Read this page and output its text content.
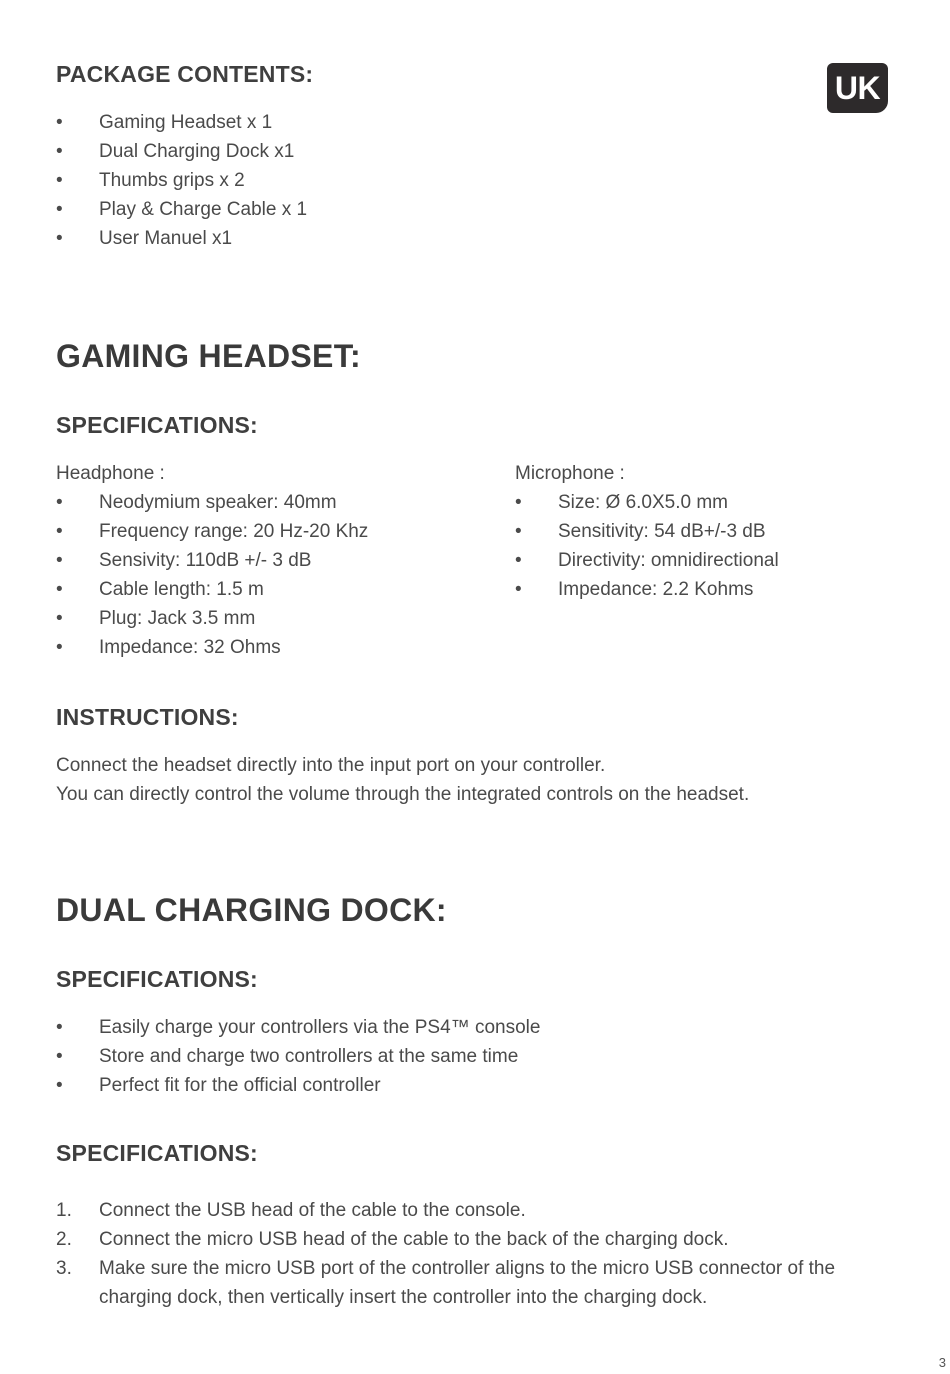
UK
PACKAGE CONTENTS:
•	Gaming Headset x 1
•	Dual Charging Dock x1
•	Thumbs grips x 2
•	Play & Charge Cable x 1
•	User Manuel x1
GAMING HEADSET:
SPECIFICATIONS:
Headphone :
•	Neodymium speaker: 40mm
•	Frequency range: 20 Hz-20 Khz
•	Sensivity: 110dB +/- 3 dB
•	Cable length: 1.5 m
•	Plug: Jack 3.5 mm
•	Impedance: 32 Ohms
Microphone :
•	Size: Ø 6.0X5.0 mm
•	Sensitivity: 54 dB+/-3 dB
•	Directivity: omnidirectional
•	Impedance: 2.2 Kohms
INSTRUCTIONS:
Connect the headset directly into the input port on your controller.
You can directly control the volume through the integrated controls on the headset.
DUAL CHARGING DOCK:
SPECIFICATIONS:
•	Easily charge your controllers via the PS4™ console
•	Store and charge two controllers at the same time
•	Perfect fit for the official controller
SPECIFICATIONS:
1.	Connect the USB head of the cable to the console.
2.	Connect the micro USB head of the cable to the back of the charging dock.
3.	Make sure the micro USB port of the controller aligns to the micro USB connector of the charging dock, then vertically insert the controller into the charging dock.
3
